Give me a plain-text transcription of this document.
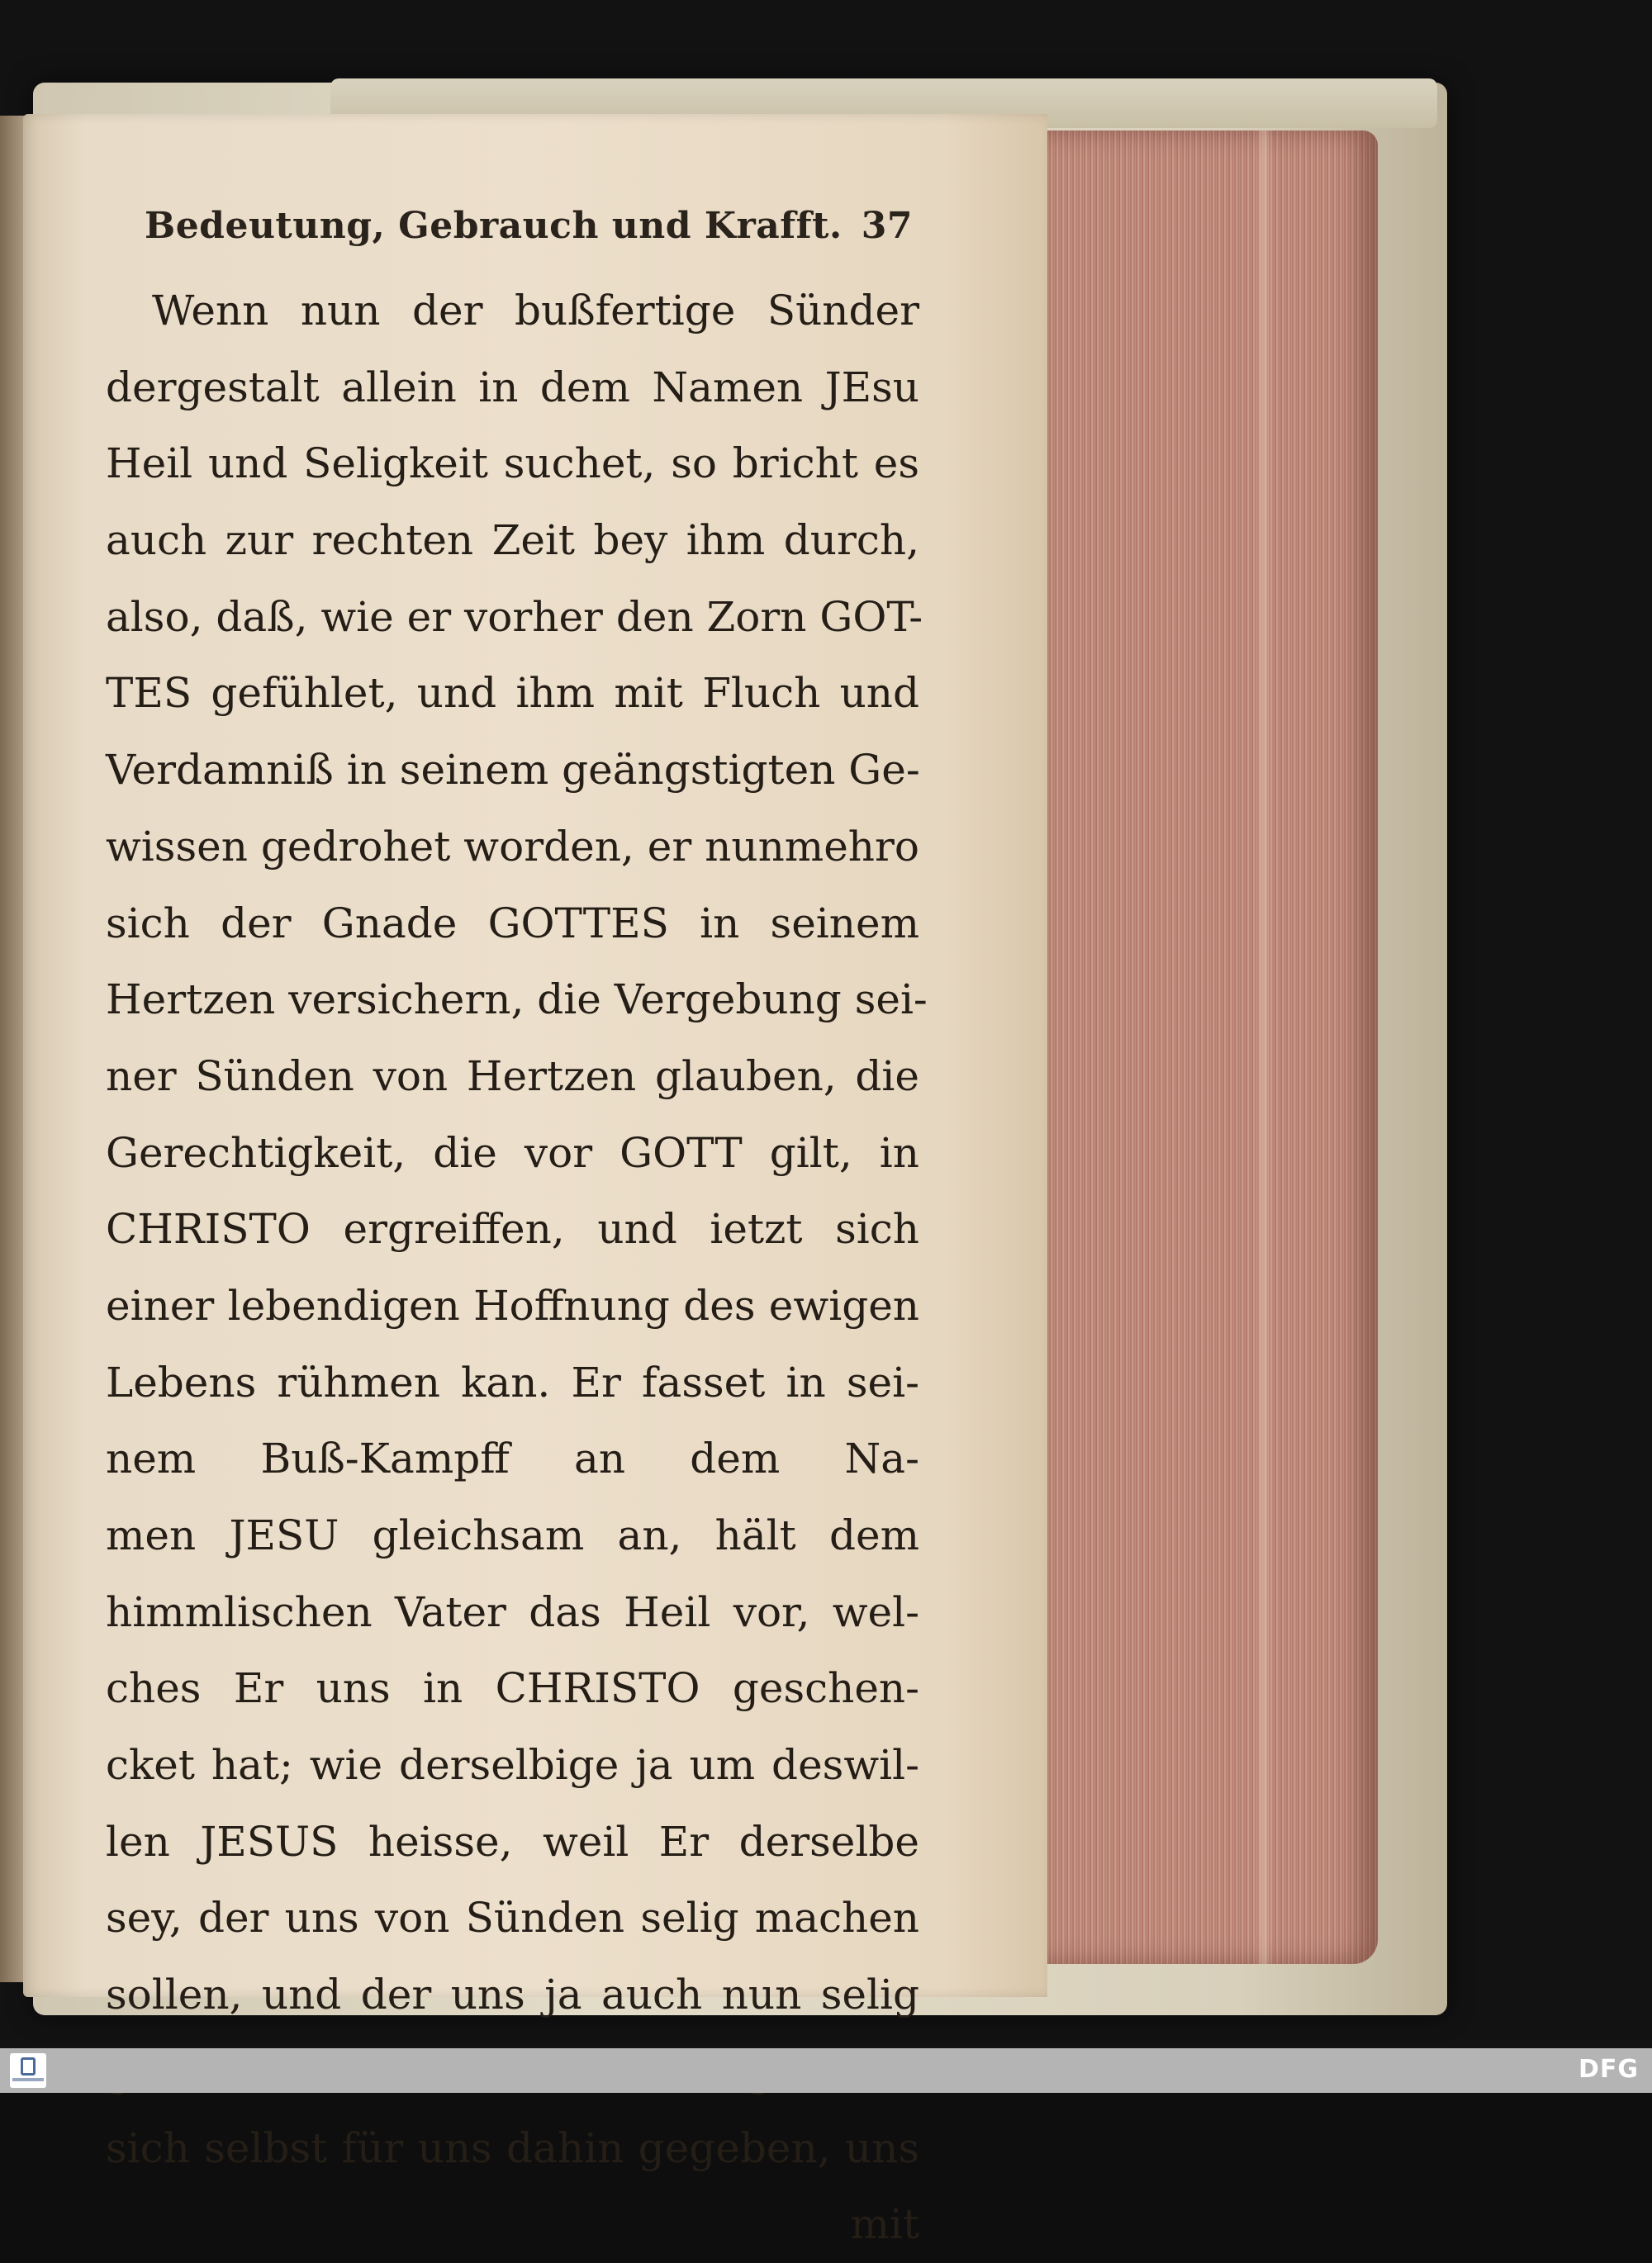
Bedeutung, Gebrauch und Krafft. 37
Wenn nun der bußfertige Sünder
dergestalt allein in dem Namen JEsu
Heil und Seligkeit suchet, so bricht es
auch zur rechten Zeit bey ihm durch,
also, daß, wie er vorher den Zorn GOT-
TES gefühlet, und ihm mit Fluch und
Verdamniß in seinem geängstigten Ge-
wissen gedrohet worden, er nunmehro
sich der Gnade GOTTES in seinem
Hertzen versichern, die Vergebung sei-
ner Sünden von Hertzen glauben, die
Gerechtigkeit, die vor GOTT gilt, in
CHRISTO ergreiffen, und ietzt sich
einer lebendigen Hoffnung des ewigen
Lebens rühmen kan. Er fasset in sei-
nem Buß-Kampff an dem Na-
men JESU gleichsam an, hält dem
himmlischen Vater das Heil vor, wel-
ches Er uns in CHRISTO geschen-
cket hat; wie derselbige ja um deswil-
len JESUS heisse, weil Er derselbe
sey, der uns von Sünden selig machen
sollen, und der uns ja auch nun selig
sich selbst für uns dahin gegeben, uns
mit
DFG
